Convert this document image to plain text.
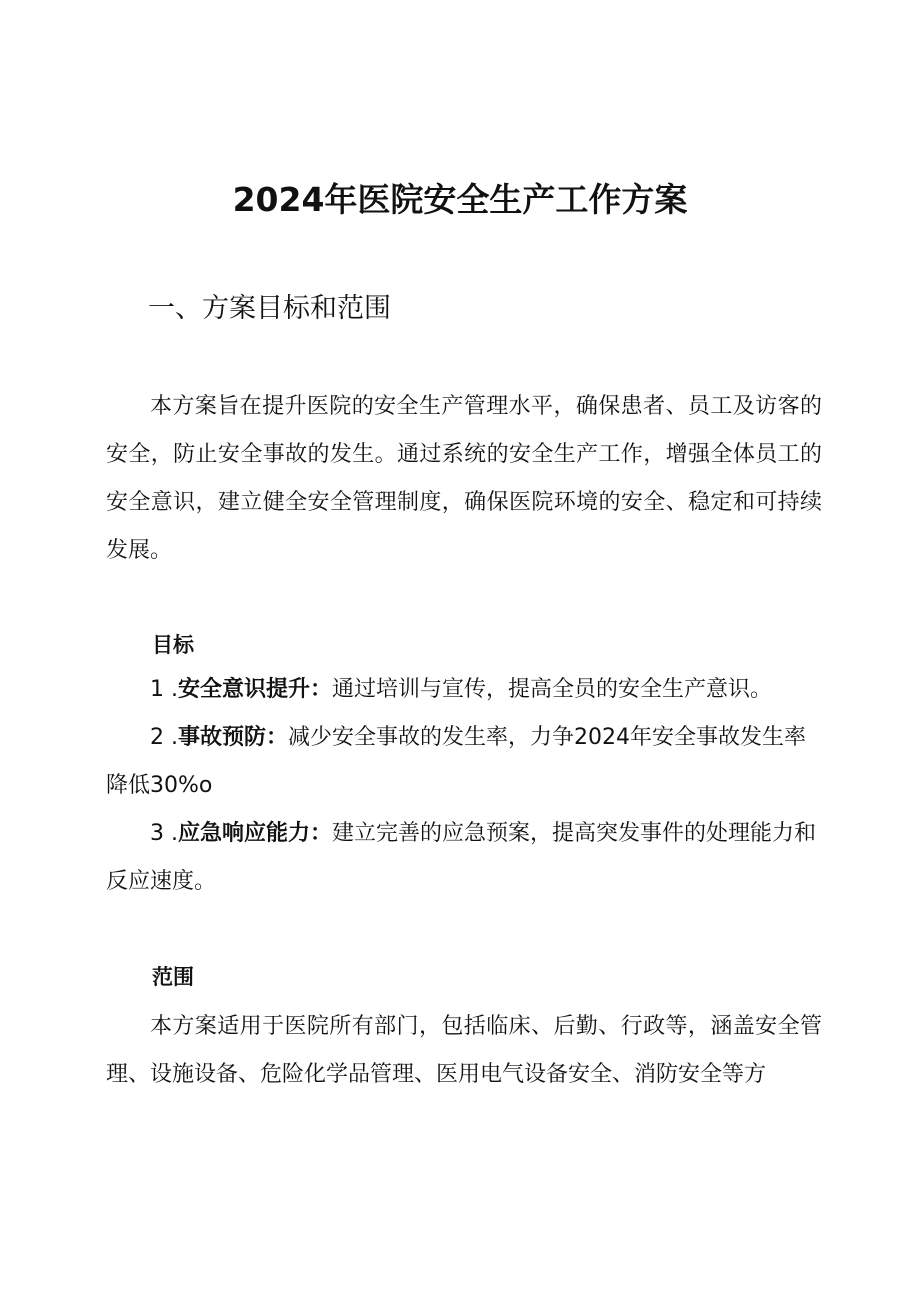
2024年医院安全生产工作方案
一、方案目标和范围

本方案旨在提升医院的安全生产管理水平，确保患者、员工及访客的安全，防止安全事故的发生。通过系统的安全生产工作，增强全体员工的安全意识，建立健全安全管理制度，确保医院环境的安全、稳定和可持续发展。

目标

1 .安全意识提升：通过培训与宣传，提高全员的安全生产意识。

2 .事故预防：减少安全事故的发生率，力争2024年安全事故发生率降低30%o

3 .应急响应能力：建立完善的应急预案，提高突发事件的处理能力和反应速度。

范围

本方案适用于医院所有部门，包括临床、后勤、行政等，涵盖安全管理、设施设备、危险化学品管理、医用电气设备安全、消防安全等方
